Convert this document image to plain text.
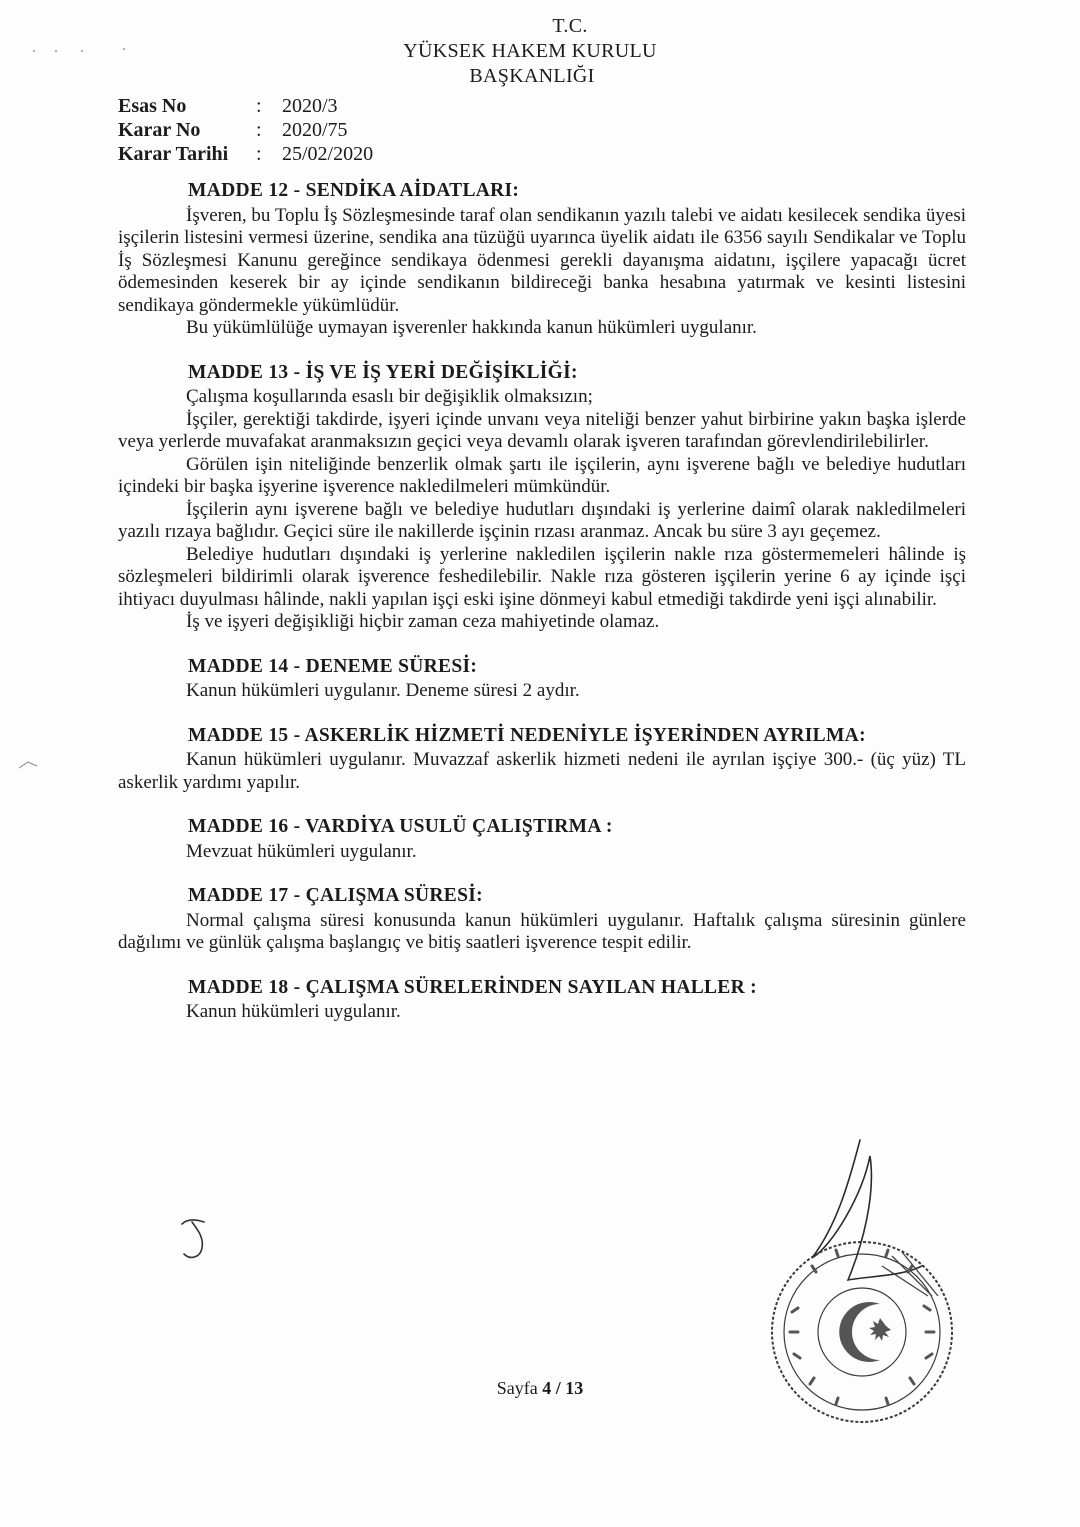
T.C.
YÜKSEK HAKEM KURULU
BAŞKANLIĞI
Esas No	:	2020/3
Karar No	:	2020/75
Karar Tarihi	:	25/02/2020
MADDE 12 - SENDİKA AİDATLARI:

İşveren, bu Toplu İş Sözleşmesinde taraf olan sendikanın yazılı talebi ve aidatı kesilecek sendika üyesi işçilerin listesini vermesi üzerine, sendika ana tüzüğü uyarınca üyelik aidatı ile 6356 sayılı Sendikalar ve Toplu İş Sözleşmesi Kanunu gereğince sendikaya ödenmesi gerekli dayanışma aidatını, işçilere yapacağı ücret ödemesinden keserek bir ay içinde sendikanın bildireceği banka hesabına yatırmak ve kesinti listesini sendikaya göndermekle yükümlüdür.

Bu yükümlülüğe uymayan işverenler hakkında kanun hükümleri uygulanır.

MADDE 13 - İŞ VE İŞ YERİ DEĞİŞİKLİĞİ:

Çalışma koşullarında esaslı bir değişiklik olmaksızın;

İşçiler, gerektiği takdirde, işyeri içinde unvanı veya niteliği benzer yahut birbirine yakın başka işlerde veya yerlerde muvafakat aranmaksızın geçici veya devamlı olarak işveren tarafından görevlendirilebilirler.

Görülen işin niteliğinde benzerlik olmak şartı ile işçilerin, aynı işverene bağlı ve belediye hudutları içindeki bir başka işyerine işverence nakledilmeleri mümkündür.

İşçilerin aynı işverene bağlı ve belediye hudutları dışındaki iş yerlerine daimî olarak nakledilmeleri yazılı rızaya bağlıdır. Geçici süre ile nakillerde işçinin rızası aranmaz. Ancak bu süre 3 ayı geçemez.

Belediye hudutları dışındaki iş yerlerine nakledilen işçilerin nakle rıza göstermemeleri hâlinde iş sözleşmeleri bildirimli olarak işverence feshedilebilir. Nakle rıza gösteren işçilerin yerine 6 ay içinde işçi ihtiyacı duyulması hâlinde, nakli yapılan işçi eski işine dönmeyi kabul etmediği takdirde yeni işçi alınabilir.

İş ve işyeri değişikliği hiçbir zaman ceza mahiyetinde olamaz.

MADDE 14 - DENEME SÜRESİ:

Kanun hükümleri uygulanır. Deneme süresi 2 aydır.

MADDE 15 - ASKERLİK HİZMETİ NEDENİYLE İŞYERİNDEN AYRILMA:

Kanun hükümleri uygulanır. Muvazzaf askerlik hizmeti nedeni ile ayrılan işçiye 300.- (üç yüz) TL askerlik yardımı yapılır.

MADDE 16 - VARDİYA USULÜ ÇALIŞTIRMA :

Mevzuat hükümleri uygulanır.

MADDE 17 - ÇALIŞMA SÜRESİ:

Normal çalışma süresi konusunda kanun hükümleri uygulanır. Haftalık çalışma süresinin günlere dağılımı ve günlük çalışma başlangıç ve bitiş saatleri işverence tespit edilir.

MADDE 18 - ÇALIŞMA SÜRELERİNDEN SAYILAN HALLER :

Kanun hükümleri uygulanır.

Sayfa 4 / 13
